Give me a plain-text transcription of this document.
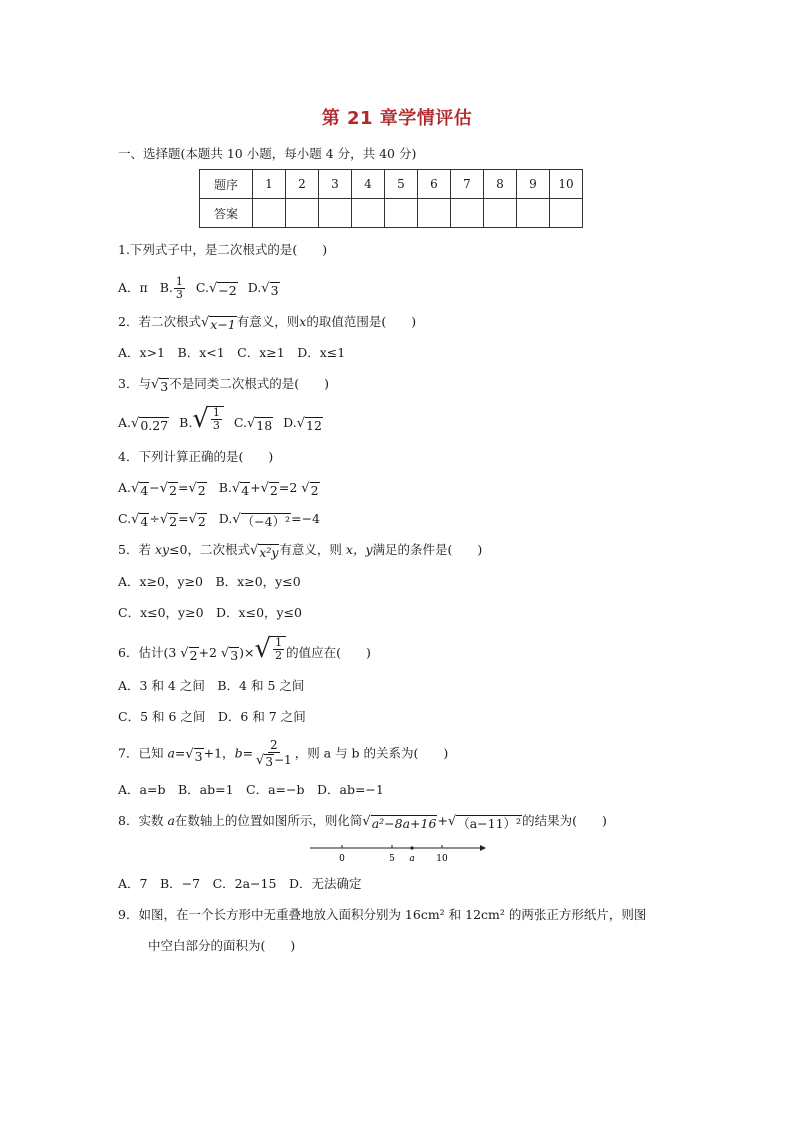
第 21 章学情评估
一、选择题(本题共 10 小题，每小题 4 分，共 40 分)
题序	1	2	3	4	5	6	7	8	9	10
答案										
1.下列式子中，是二次根式的是(　　)
A．π B. $\frac{1}{3} C$. √ −2 D. √ 3
2．若二次根式 √ x−1 有意义，则x的取值范围是(　　)
A．x>1　B．x<1　C．x≥1　D．x≤1
3．与 √ 3 不是同类二次根式的是(　　)
A. √ 0.27 B. √ $\frac{1}{3} C$. √ 18 D. √ 12
4．下列计算正确的是(　　)
A. √ 4 − √ 2 = √ 2 B. √ 4 + √ 2 =2 √ 2
C. √ 4 ÷ √ 2 = √ 2 D. √ （−4）² =−4
5．若 xy≤0，二次根式 √ x²y 有意义，则 x，y满足的条件是(　　)
A．x≥0，y≥0　B．x≥0，y≤0
C．x≤0，y≥0　D．x≤0，y≤0
6．估计(3 √ 2 +2 √ 3 )× √ $\frac{1}{2}$ 的值应在(　　)
A．3 和 4 之间　B．4 和 5 之间
C．5 和 6 之间　D．6 和 7 之间
7．已知 a= √ 3 +1，$b= \frac{2}{√ 3 -1}$ ，则 a 与 b 的关系为(　　)
A．a=b　B．ab=1　C．a=−b　D．ab=−1
8．实数 a在数轴上的位置如图所示，则化简 √ a²−8a+16 + √ （a−11）² 的结果为(　　)
0	5 a 10
A．7　B．−7　C．2a−15　D．无法确定
9．如图，在一个长方形中无重叠地放入面积分别为 16cm² 和 12cm² 的两张正方形纸片，则图
中空白部分的面积为(　　)
